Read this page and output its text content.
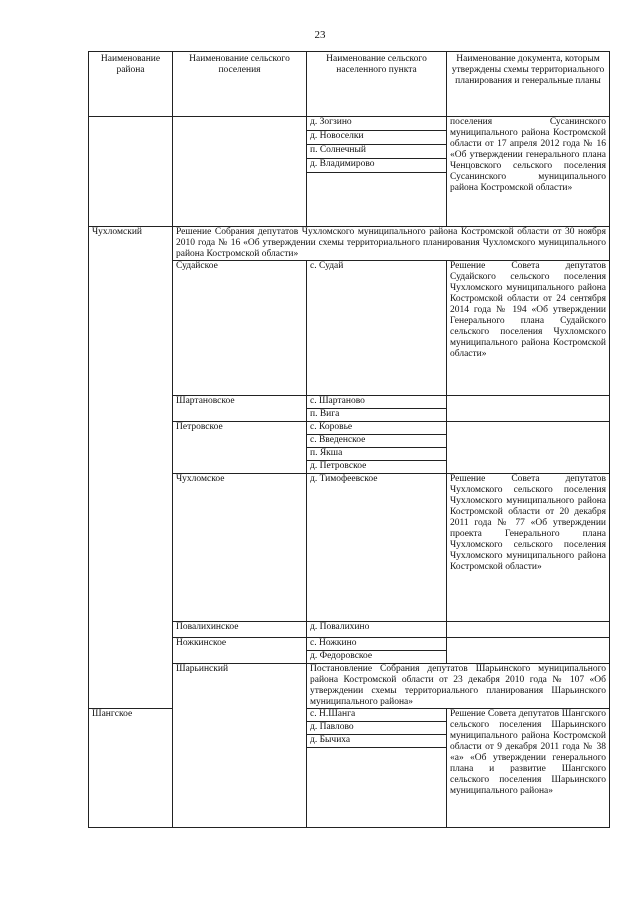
23
Наименование района	Наименование сельского поселения	Наименование сельского населенного пункта	Наименование документа, которым утверждены схемы территориального планирования и генеральные планы
		д. Зогзино	поселения Сусанинского муниципального района Костромской области от 17 апреля 2012 года № 16 «Об утверждении генерального плана Ченцовского сельского поселения Сусанинского муниципального района Костромской области»
		д. Новоселки	
		п. Солнечный	
		д. Владимирово	

Чухломский	Решение Собрания депутатов Чухломского муниципального района Костромской области от 30 ноября 2010 года № 16 «Об утверждении схемы территориального планирования Чухломского муниципального района Костромской области»		
	Судайское	с. Судай	Решение Совета депутатов Судайского сельского поселения Чухломского муниципального района Костромской области от 24 сентября 2014 года № 194 «Об утверждении Генерального плана Судайского сельского поселения Чухломского муниципального района Костромской области»
	Шартановское	с. Шартаново	
		п. Вига	
	Петровское	с. Коровье	
		с. Введенское	
		п. Якша	
		д. Петровское	
	Чухломское	д. Тимофеевское	Решение Совета депутатов Чухломского сельского поселения Чухломского муниципального района Костромской области от 20 декабря 2011 года № 77 «Об утверждении проекта Генерального плана Чухломского сельского поселения Чухломского муниципального района Костромской области»
	Повалихинское	д. Повалихино	
	Ножкинское	с. Ножкино	
		д. Федоровское	
	Шарьинский	Постановление Собрания депутатов Шарьинского муниципального района Костромской области от 23 декабря 2010 года № 107 «Об утверждении схемы территориального планирования Шарьинского муниципального района»	
Шангское		с. Н.Шанга	Решение Совета депутатов Шангского сельского поселения Шарьинского муниципального района Костромской области от 9 декабря 2011 года № 38 «а» «Об утверждении генерального плана и развитие Шангского сельского поселения Шарьинского муниципального района»
		д. Павлово	
		д. Бычиха	
